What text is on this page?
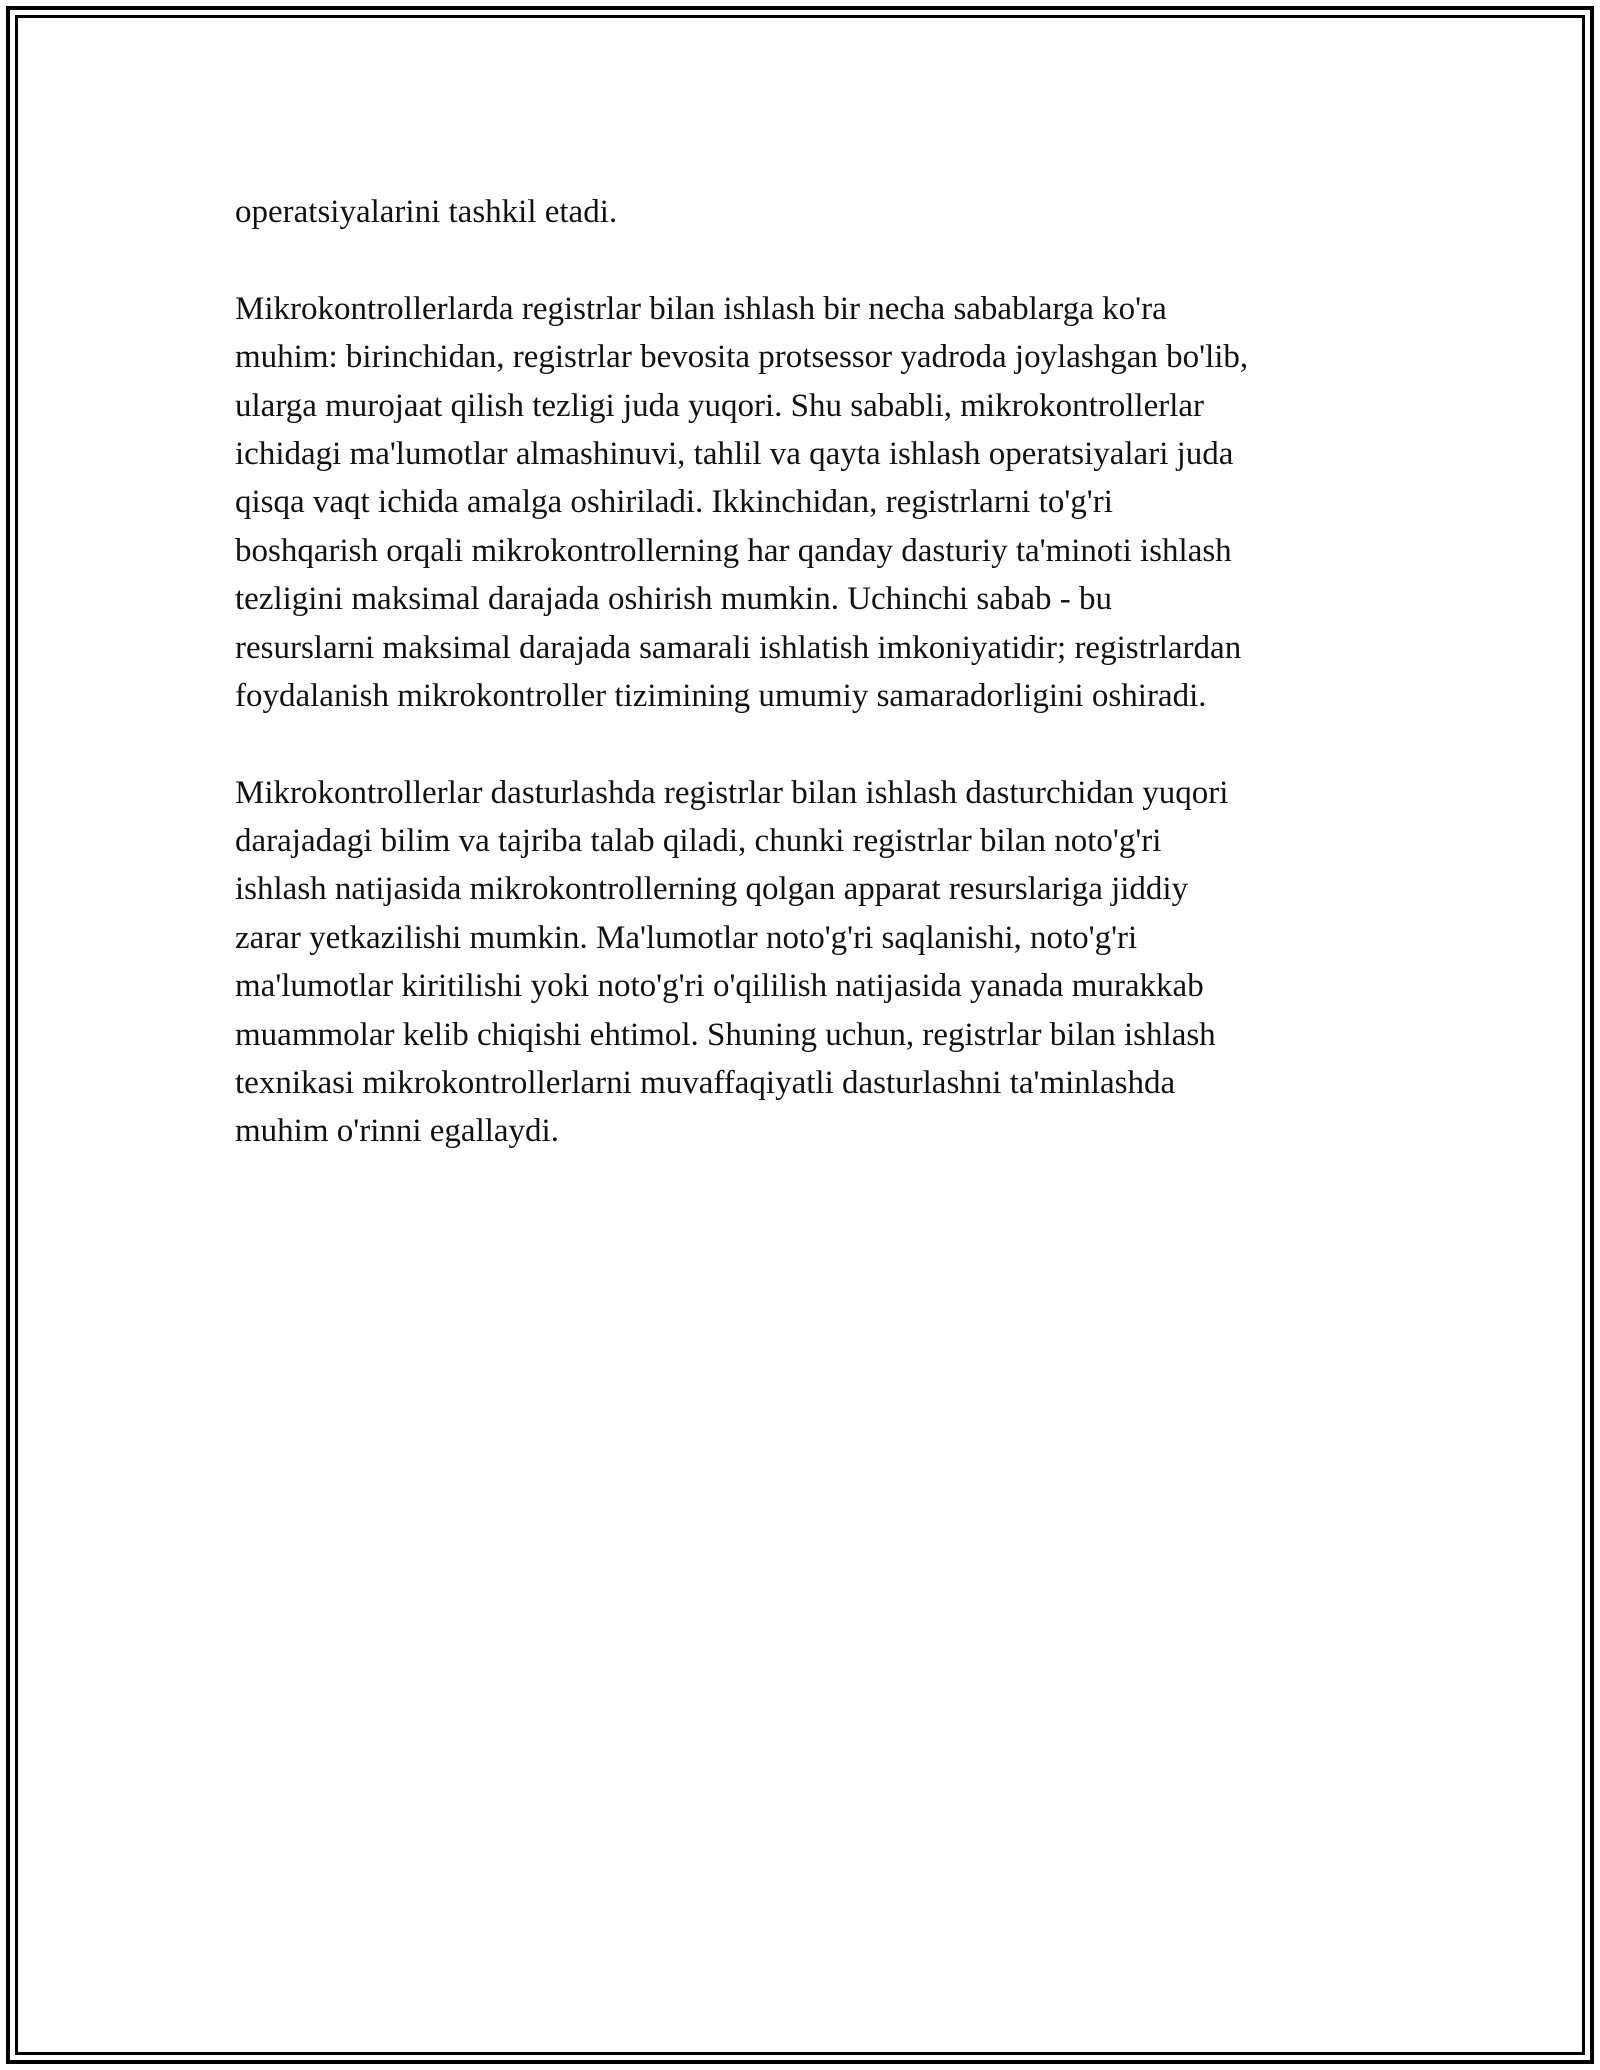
operatsiyalarini tashkil etadi.

Mikrokontrollerlarda registrlar bilan ishlash bir necha sabablarga ko'ra
muhim: birinchidan, registrlar bevosita protsessor yadroda joylashgan bo'lib,
ularga murojaat qilish tezligi juda yuqori. Shu sababli, mikrokontrollerlar
ichidagi ma'lumotlar almashinuvi, tahlil va qayta ishlash operatsiyalari juda
qisqa vaqt ichida amalga oshiriladi. Ikkinchidan, registrlarni to'g'ri
boshqarish orqali mikrokontrollerning har qanday dasturiy ta'minoti ishlash
tezligini maksimal darajada oshirish mumkin. Uchinchi sabab - bu
resurslarni maksimal darajada samarali ishlatish imkoniyatidir; registrlardan
foydalanish mikrokontroller tizimining umumiy samaradorligini oshiradi.

Mikrokontrollerlar dasturlashda registrlar bilan ishlash dasturchidan yuqori
darajadagi bilim va tajriba talab qiladi, chunki registrlar bilan noto'g'ri
ishlash natijasida mikrokontrollerning qolgan apparat resurslariga jiddiy
zarar yetkazilishi mumkin. Ma'lumotlar noto'g'ri saqlanishi, noto'g'ri
ma'lumotlar kiritilishi yoki noto'g'ri o'qililish natijasida yanada murakkab
muammolar kelib chiqishi ehtimol. Shuning uchun, registrlar bilan ishlash
texnikasi mikrokontrollerlarni muvaffaqiyatli dasturlashni ta'minlashda
muhim o'rinni egallaydi.
